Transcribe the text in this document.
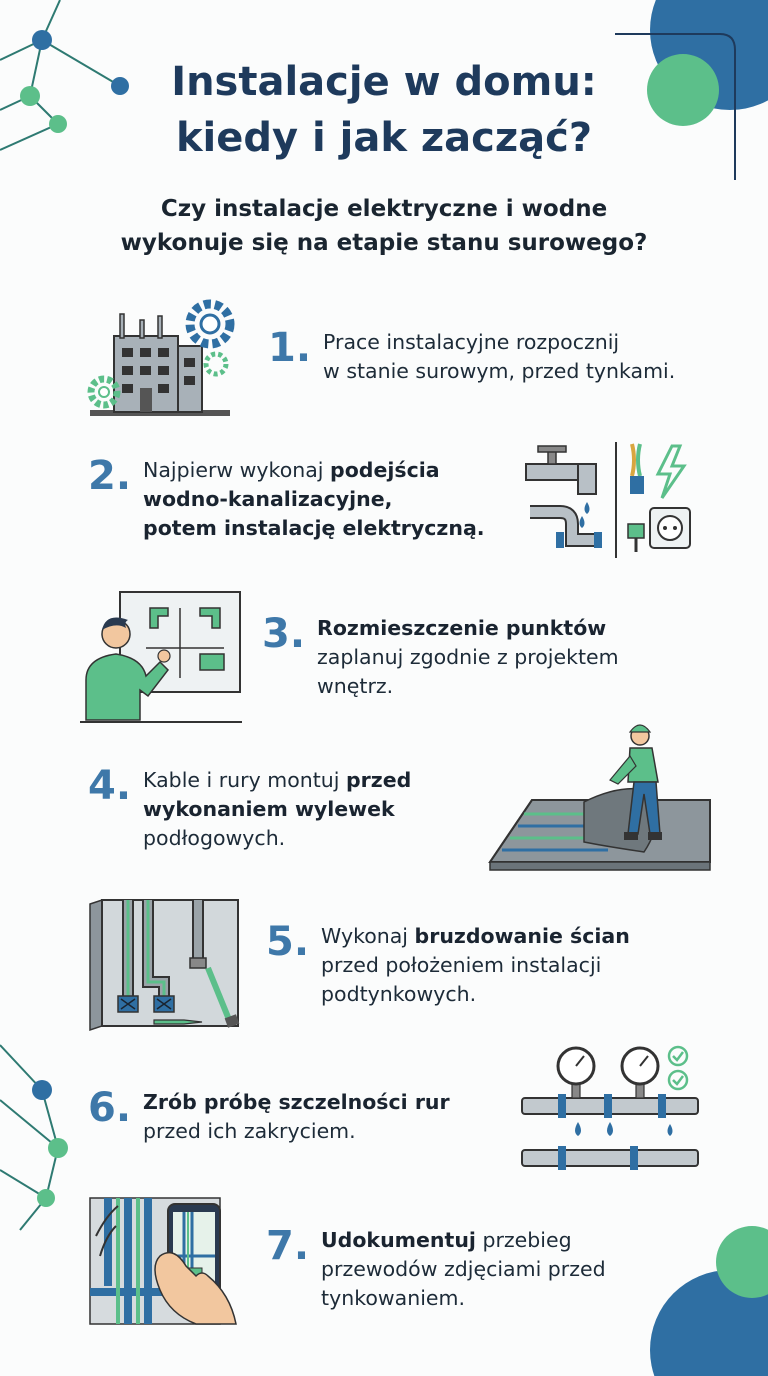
Instalacje w domu:
kiedy i jak zacząć?
Czy instalacje elektryczne i wodne
wykonuje się na etapie stanu surowego?
1. Prace instalacyjne rozpocznij
w stanie surowym, przed tynkami.
2. Najpierw wykonaj podejścia
wodno-kanalizacyjne,
potem instalację elektryczną.
3. Rozmieszczenie punktów
zaplanuj zgodnie z projektem
wnętrz.
4. Kable i rury montuj przed
wykonaniem wylewek
podłogowych.
5. Wykonaj bruzdowanie ścian
przed położeniem instalacji
podtynkowych.
6. Zrób próbę szczelności rur
przed ich zakryciem.
7. Udokumentuj przebieg
przewodów zdjęciami przed
tynkowaniem.
